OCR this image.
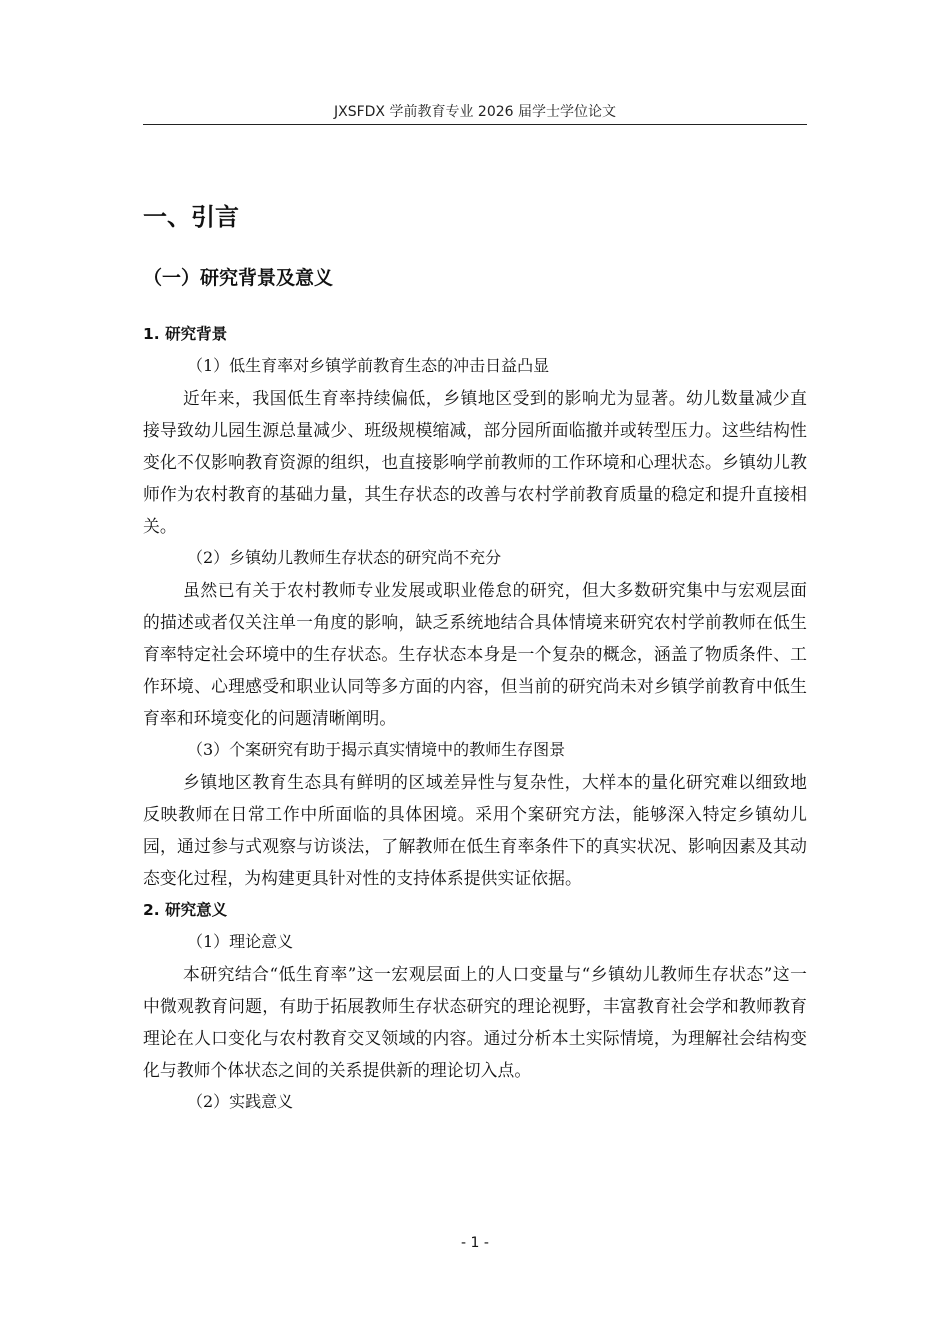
JXSFDX 学前教育专业 2026 届学士学位论文
一、引言
（一）研究背景及意义
1. 研究背景
（1）低生育率对乡镇学前教育生态的冲击日益凸显

近年来，我国低生育率持续偏低，乡镇地区受到的影响尤为显著。幼儿数量减少直接导致幼儿园生源总量减少、班级规模缩减，部分园所面临撤并或转型压力。这些结构性变化不仅影响教育资源的组织，也直接影响学前教师的工作环境和心理状态。乡镇幼儿教师作为农村教育的基础力量，其生存状态的改善与农村学前教育质量的稳定和提升直接相关。

（2）乡镇幼儿教师生存状态的研究尚不充分

虽然已有关于农村教师专业发展或职业倦怠的研究，但大多数研究集中与宏观层面的描述或者仅关注单一角度的影响，缺乏系统地结合具体情境来研究农村学前教师在低生育率特定社会环境中的生存状态。生存状态本身是一个复杂的概念，涵盖了物质条件、工作环境、心理感受和职业认同等多方面的内容，但当前的研究尚未对乡镇学前教育中低生育率和环境变化的问题清晰阐明。

（3）个案研究有助于揭示真实情境中的教师生存图景

乡镇地区教育生态具有鲜明的区域差异性与复杂性，大样本的量化研究难以细致地反映教师在日常工作中所面临的具体困境。采用个案研究方法，能够深入特定乡镇幼儿园，通过参与式观察与访谈法，了解教师在低生育率条件下的真实状况、影响因素及其动态变化过程，为构建更具针对性的支持体系提供实证依据。

2. 研究意义
（1）理论意义

本研究结合“低生育率”这一宏观层面上的人口变量与“乡镇幼儿教师生存状态”这一中微观教育问题，有助于拓展教师生存状态研究的理论视野，丰富教育社会学和教师教育理论在人口变化与农村教育交叉领域的内容。通过分析本土实际情境，为理解社会结构变化与教师个体状态之间的关系提供新的理论切入点。

（2）实践意义
- 1 -
